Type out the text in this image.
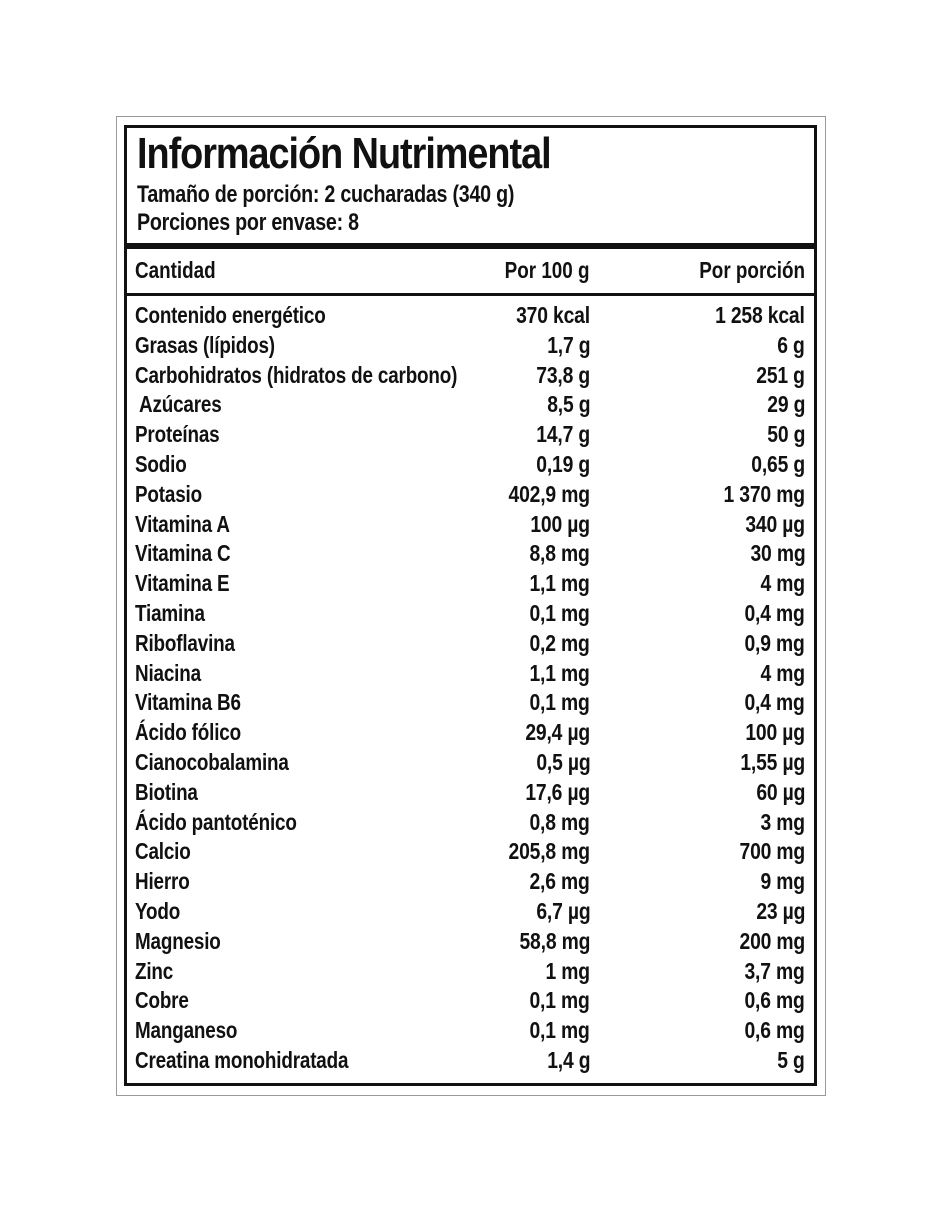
Información Nutrimental
Tamaño de porción: 2 cucharadas (340 g)
Porciones por envase: 8
Cantidad	Por 100 g	Por porción
Contenido energético	370 kcal	1 258 kcal
Grasas (lípidos)	1,7 g	6 g
Carbohidratos (hidratos de carbono)	73,8 g	251 g
Azúcares	8,5 g	29 g
Proteínas	14,7 g	50 g
Sodio	0,19 g	0,65 g
Potasio	402,9 mg	1 370 mg
Vitamina A	100 µg	340 µg
Vitamina C	8,8 mg	30 mg
Vitamina E	1,1 mg	4 mg
Tiamina	0,1 mg	0,4 mg
Riboflavina	0,2 mg	0,9 mg
Niacina	1,1 mg	4 mg
Vitamina B6	0,1 mg	0,4 mg
Ácido fólico	29,4 µg	100 µg
Cianocobalamina	0,5 µg	1,55 µg
Biotina	17,6 µg	60 µg
Ácido pantoténico	0,8 mg	3 mg
Calcio	205,8 mg	700 mg
Hierro	2,6 mg	9 mg
Yodo	6,7 µg	23 µg
Magnesio	58,8 mg	200 mg
Zinc	1 mg	3,7 mg
Cobre	0,1 mg	0,6 mg
Manganeso	0,1 mg	0,6 mg
Creatina monohidratada	1,4 g	5 g
